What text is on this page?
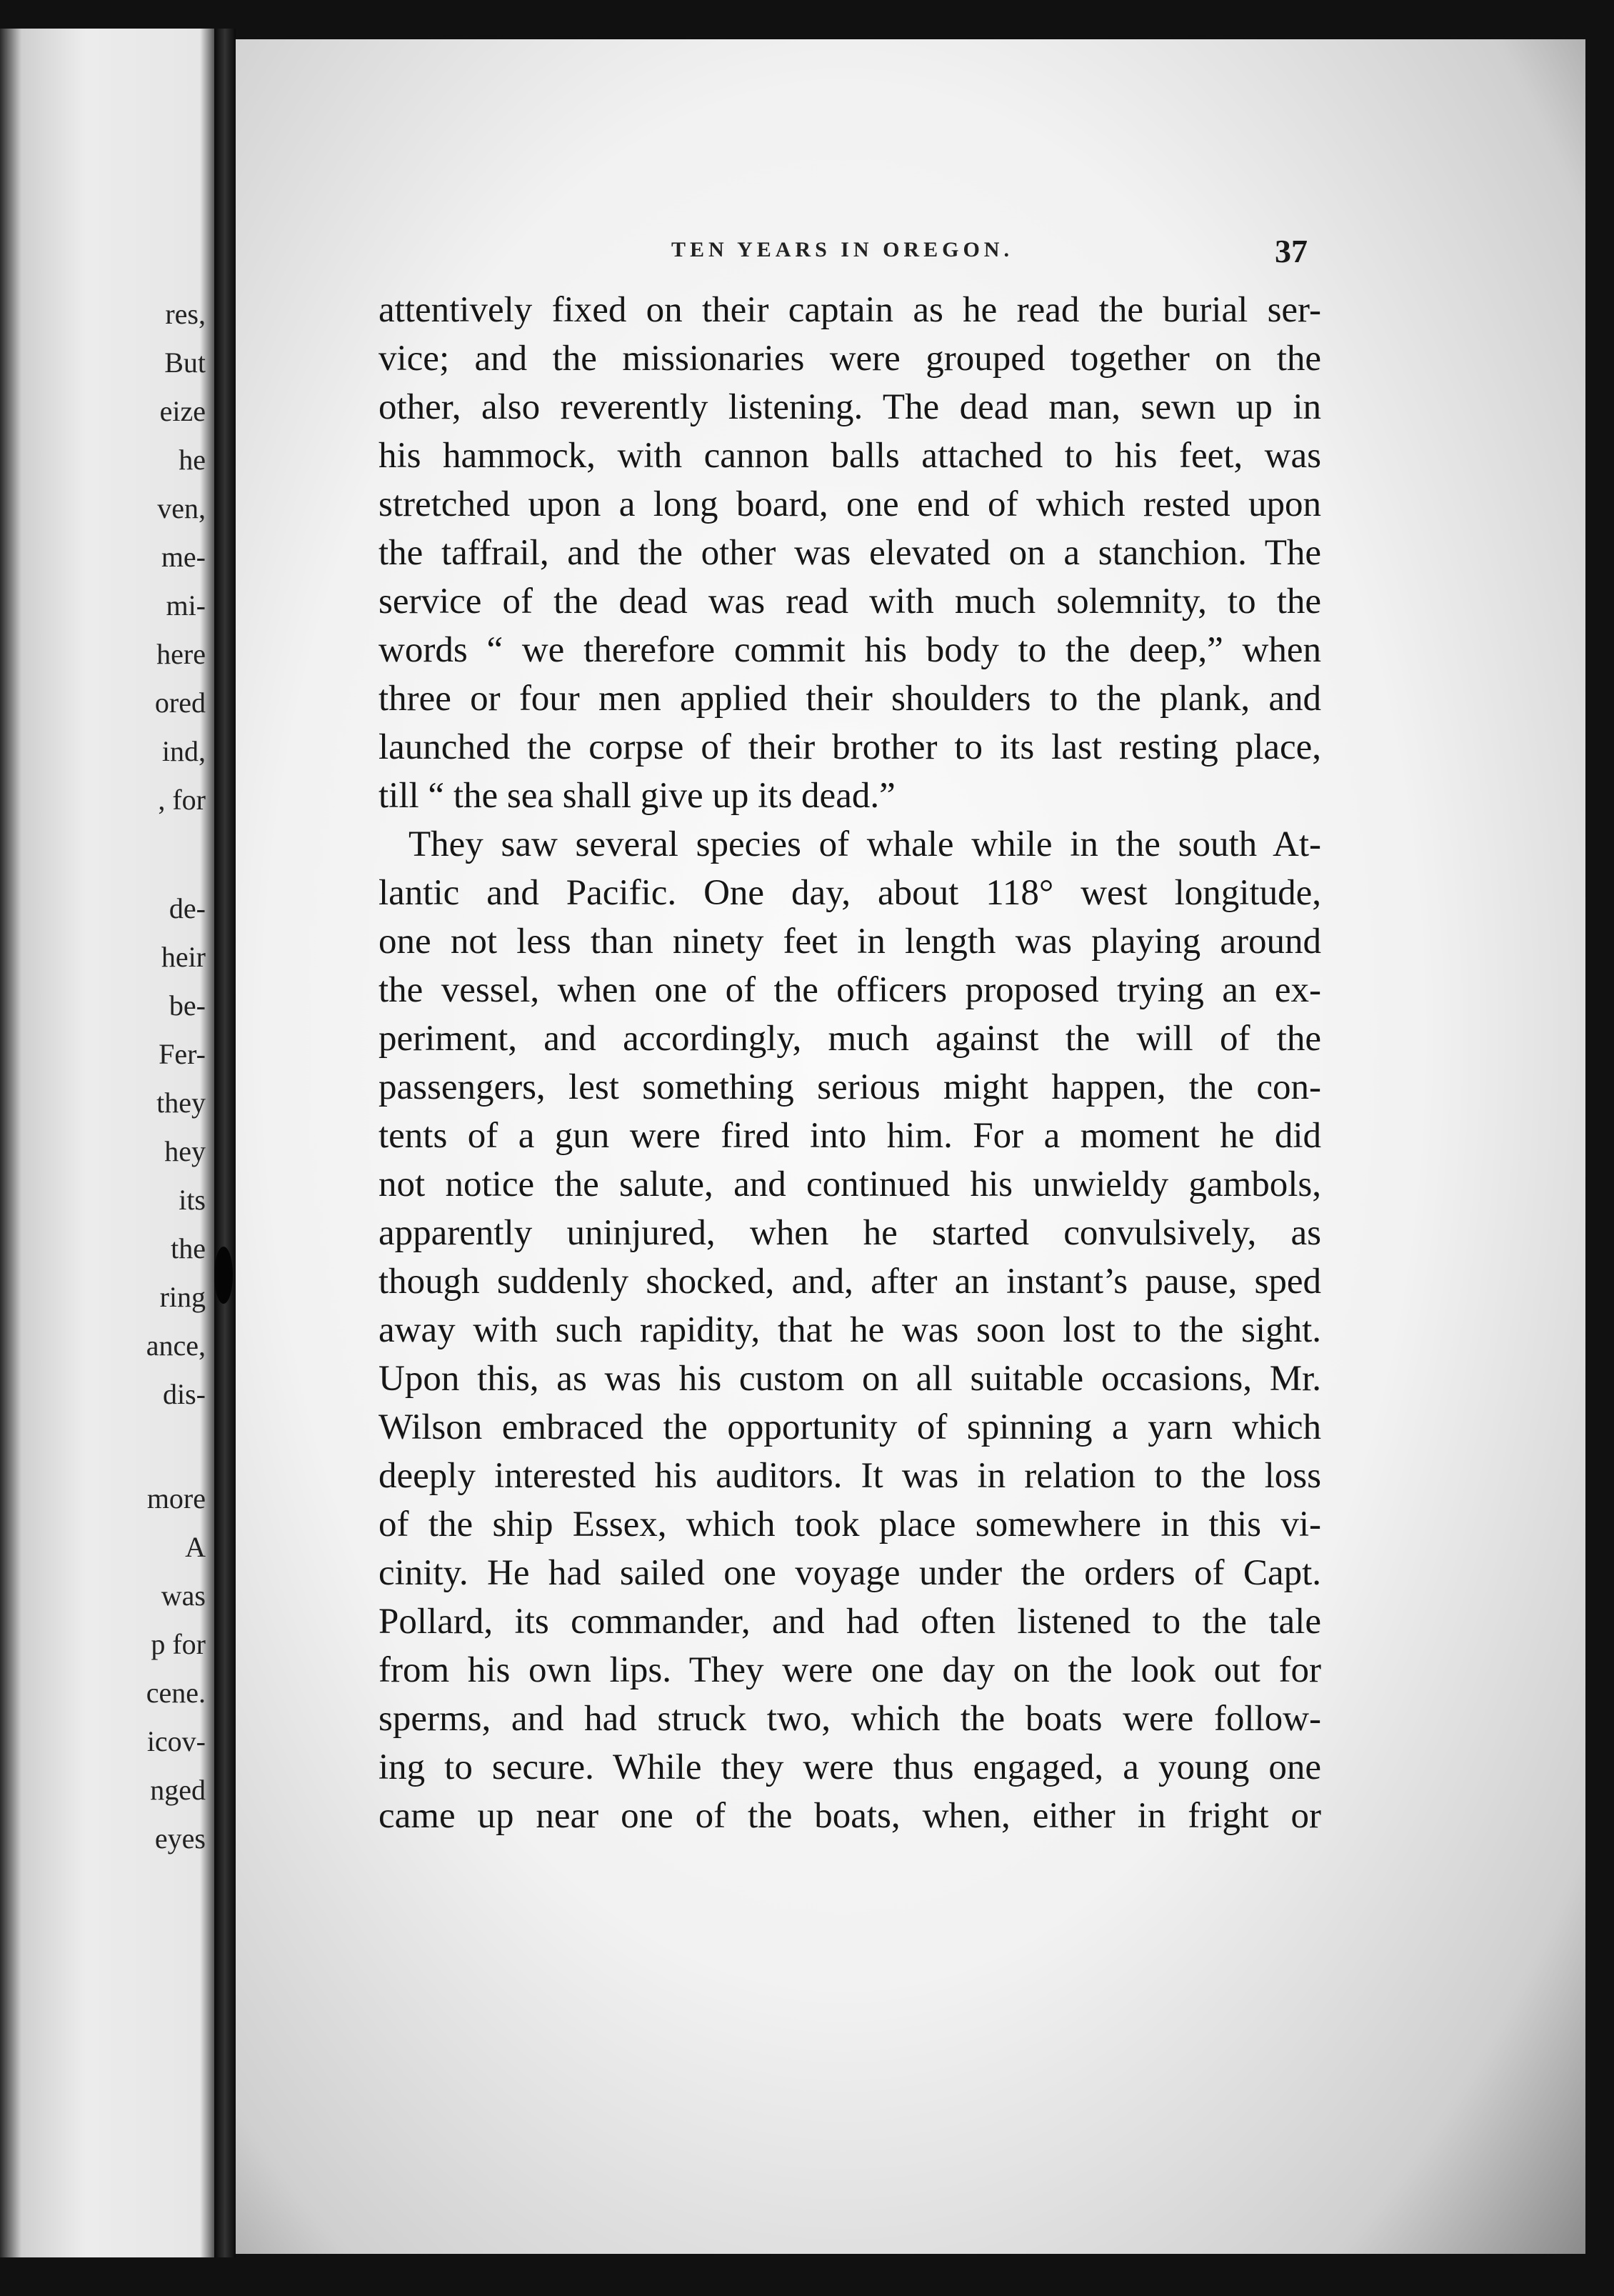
res,
But
eize
he
ven,
me-
mi-
here
ored
ind,
, for
de-
heir
be-
Fer-
they
hey
its
the
ring
ance,
dis-
more
A
was
p for
cene.
icov-
nged
eyes
TEN YEARS IN OREGON.	37
attentively fixed on their captain as he read the burial ser-
vice; and the missionaries were grouped together on the
other, also reverently listening. The dead man, sewn up in
his hammock, with cannon balls attached to his feet, was
stretched upon a long board, one end of which rested upon
the taffrail, and the other was elevated on a stanchion. The
service of the dead was read with much solemnity, to the
words “ we therefore commit his body to the deep,” when
three or four men applied their shoulders to the plank, and
launched the corpse of their brother to its last resting place,
till “ the sea shall give up its dead.”
They saw several species of whale while in the south At-
lantic and Pacific. One day, about 118° west longitude,
one not less than ninety feet in length was playing around
the vessel, when one of the officers proposed trying an ex-
periment, and accordingly, much against the will of the
passengers, lest something serious might happen, the con-
tents of a gun were fired into him. For a moment he did
not notice the salute, and continued his unwieldy gambols,
apparently uninjured, when he started convulsively, as
though suddenly shocked, and, after an instant’s pause, sped
away with such rapidity, that he was soon lost to the sight.
Upon this, as was his custom on all suitable occasions, Mr.
Wilson embraced the opportunity of spinning a yarn which
deeply interested his auditors. It was in relation to the loss
of the ship Essex, which took place somewhere in this vi-
cinity. He had sailed one voyage under the orders of Capt.
Pollard, its commander, and had often listened to the tale
from his own lips. They were one day on the look out for
sperms, and had struck two, which the boats were follow-
ing to secure. While they were thus engaged, a young one
came up near one of the boats, when, either in fright or
